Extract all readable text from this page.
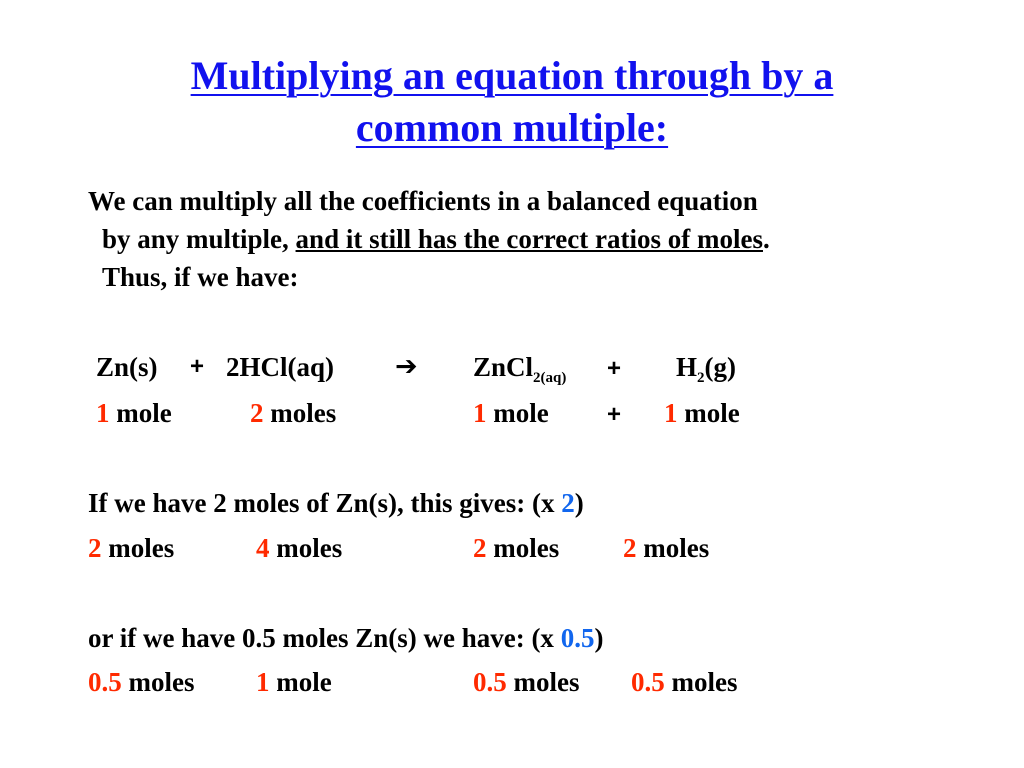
Multiplying an equation through by a
common multiple:
We can multiply all the coefficients in a balanced equation
by any multiple, and it still has the correct ratios of moles.
Thus, if we have:
Zn(s) + 2HCl(aq) ➔ ZnCl$_{2(aq)}$ + $H_2(g)$
1 mole	2 moles	1 mole + 1 mole
If we have 2 moles of Zn(s), this gives: (x 2)
2 moles	4 moles	2 moles 2 moles
or if we have 0.5 moles Zn(s) we have: (x 0.5)
0.5 moles 1 mole	0.5 moles 0.5 moles
